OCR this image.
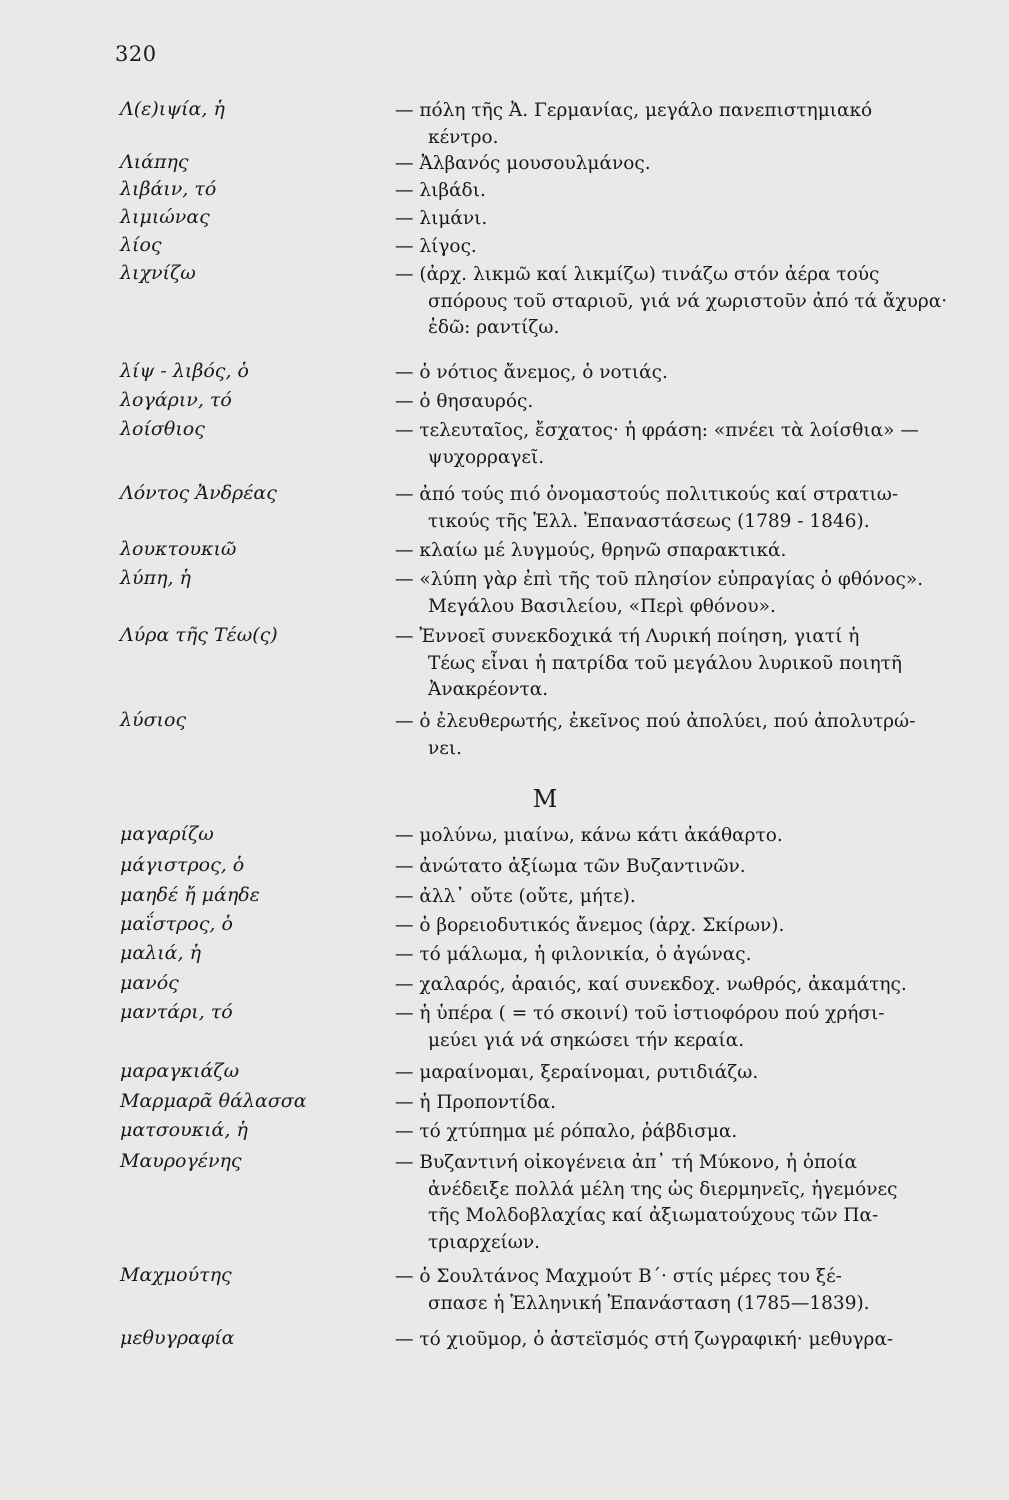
320
Μ
Λ(ε)ιψία, ἡ	— πόλη τῆς Ἀ. Γερμανίας, μεγάλο πανεπιστημιακό
κέντρο.
Λιάπης	— Ἀλβανός μουσουλμάνος.
λιβάιν, τό	— λιβάδι.
λιμιώνας	— λιμάνι.
λίος	— λίγος.
λιχνίζω	— (ἀρχ. λικμῶ καί λικμίζω) τινάζω στόν ἀέρα τούς
σπόρους τοῦ σταριοῦ, γιά νά χωριστοῦν ἀπό τά ἄχυρα·
ἐδῶ: ραντίζω.
λίψ - λιβός, ὁ	— ὁ νότιος ἄνεμος, ὁ νοτιάς.
λογάριν, τό	— ὁ θησαυρός.
λοίσθιος	— τελευταῖος, ἔσχατος· ἡ φράση: «πνέει τὰ λοίσθια» —
ψυχορραγεῖ.
Λόντος Ἀνδρέας	— ἀπό τούς πιό ὀνομαστούς πολιτικούς καί στρατιω-
τικούς τῆς Ἑλλ. Ἐπαναστάσεως (1789 - 1846).
λουκτουκιῶ	— κλαίω μέ λυγμούς, θρηνῶ σπαρακτικά.
λύπη, ἡ	— «λύπη γὰρ ἐπὶ τῆς τοῦ πλησίον εὐπραγίας ὁ φθόνος».
Μεγάλου Βασιλείου, «Περὶ φθόνου».
Λύρα τῆς Τέω(ς)	— Ἐννοεῖ συνεκδοχικά τή Λυρική ποίηση, γιατί ἡ
Τέως εἶναι ἡ πατρίδα τοῦ μεγάλου λυρικοῦ ποιητῆ
Ἀνακρέοντα.
λύσιος	— ὁ ἐλευθερωτής, ἐκεῖνος πού ἀπολύει, πού ἀπολυτρώ-
νει.
μαγαρίζω	— μολύνω, μιαίνω, κάνω κάτι ἀκάθαρτο.
μάγιστρος, ὁ	— ἀνώτατο ἀξίωμα τῶν Βυζαντινῶν.
μαηδέ ἤ μάηδε	— ἀλλ᾽ οὔτε (οὔτε, μήτε).
μαΐστρος, ὁ	— ὁ βορειοδυτικός ἄνεμος (ἀρχ. Σκίρων).
μαλιά, ἡ	— τό μάλωμα, ἡ φιλονικία, ὁ ἀγώνας.
μανός	— χαλαρός, ἀραιός, καί συνεκδοχ. νωθρός, ἀκαμάτης.
μαντάρι, τό	— ἡ ὑπέρα ( = τό σκοινί) τοῦ ἱστιοφόρου πού χρήσι-
μεύει γιά νά σηκώσει τήν κεραία.
μαραγκιάζω	— μαραίνομαι, ξεραίνομαι, ρυτιδιάζω.
Μαρμαρᾶ θάλασσα	— ἡ Προποντίδα.
ματσουκιά, ἡ	— τό χτύπημα μέ ρόπαλο, ῥάβδισμα.
Μαυρογένης	— Βυζαντινή οἰκογένεια ἀπ᾽ τή Μύκονο, ἡ ὁποία
ἀνέδειξε πολλά μέλη της ὡς διερμηνεῖς, ἡγεμόνες
τῆς Μολδοβλαχίας καί ἀξιωματούχους τῶν Πα-
τριαρχείων.
Μαχμούτης	— ὁ Σουλτάνος Μαχμούτ Β΄· στίς μέρες του ξέ-
σπασε ἡ Ἑλληνική Ἐπανάσταση (1785—1839).
μεθυγραφία	— τό χιοῦμορ, ὁ ἀστεϊσμός στή ζωγραφική· μεθυγρα-
